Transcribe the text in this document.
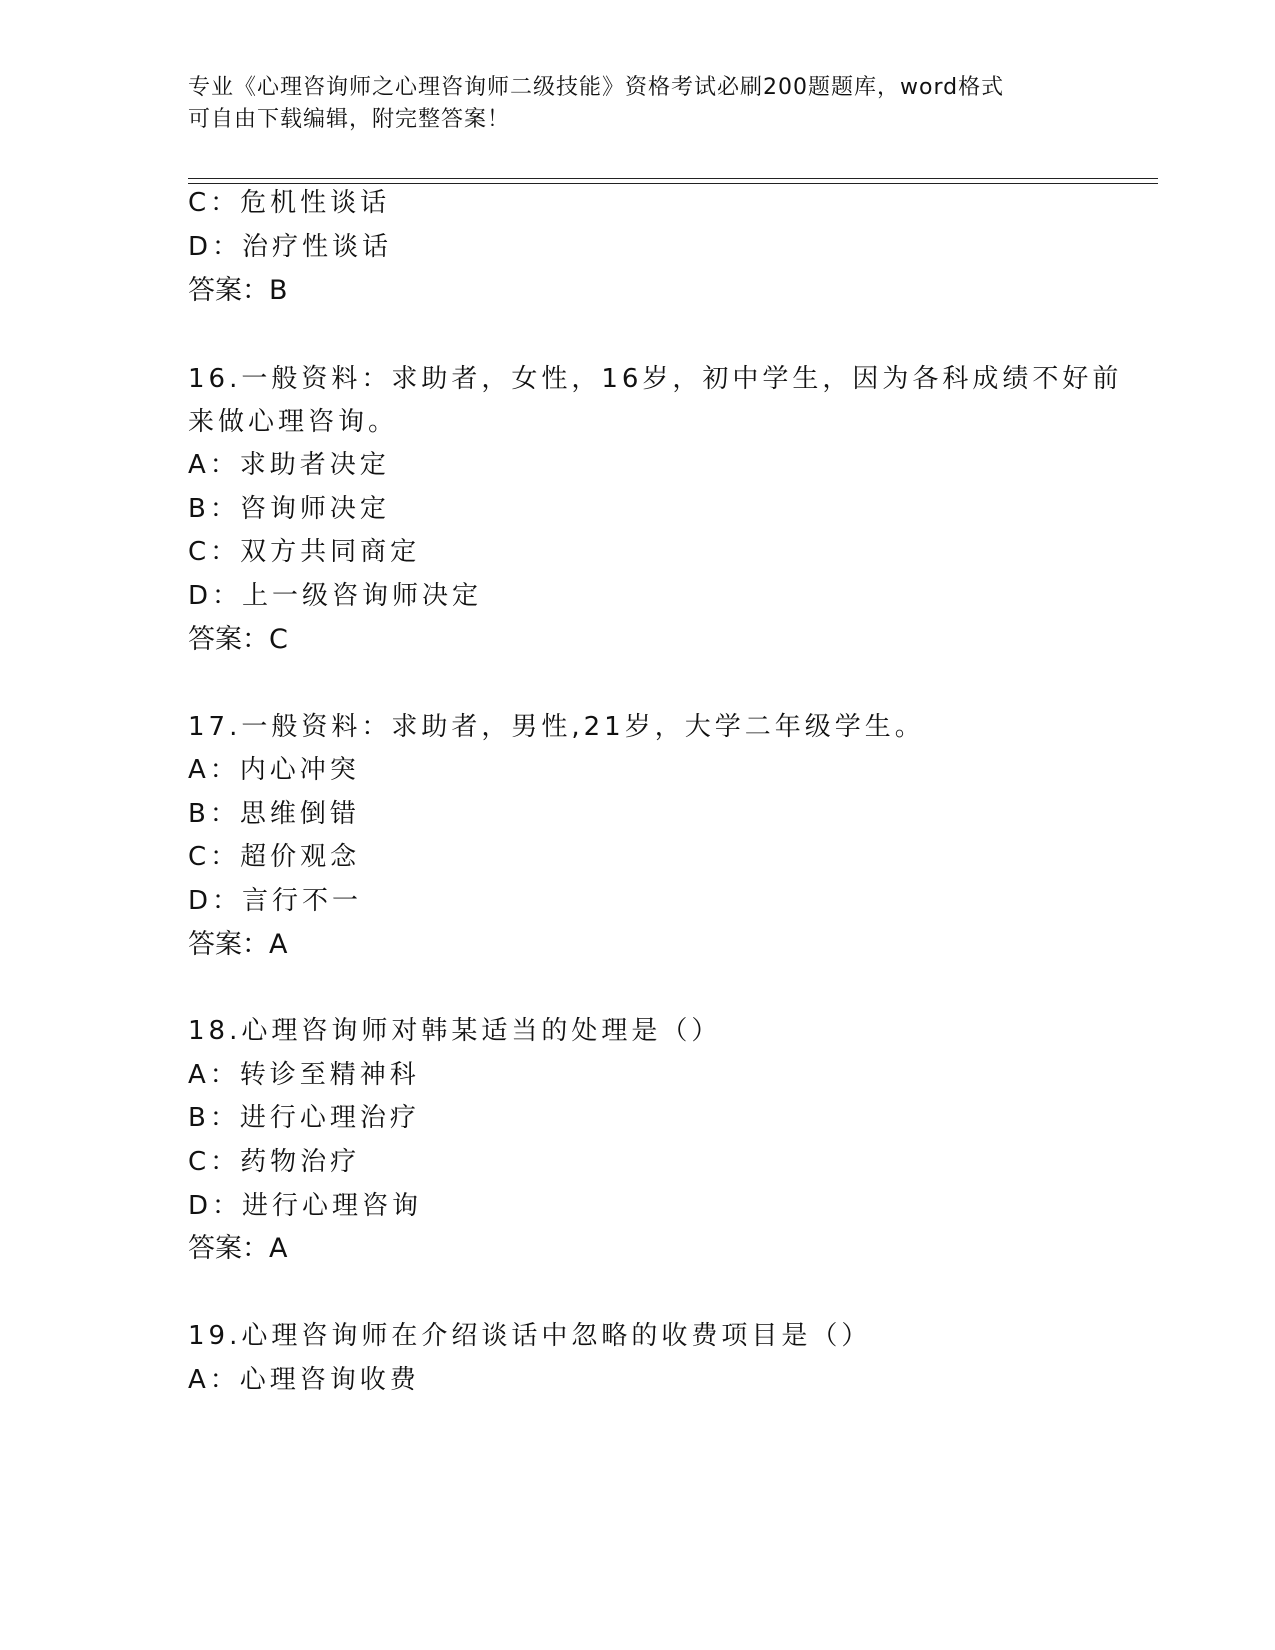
专业《心理咨询师之心理咨询师二级技能》资格考试必刷200题题库，word格式
可自由下载编辑，附完整答案！
C：危机性谈话
D：治疗性谈话
答案：B
16.一般资料：求助者，女性，16岁，初中学生，因为各科成绩不好前
来做心理咨询。
A：求助者决定
B：咨询师决定
C：双方共同商定
D：上一级咨询师决定
答案：C
17.一般资料：求助者，男性,21岁，大学二年级学生。
A：内心冲突
B：思维倒错
C：超价观念
D：言行不一
答案：A
18.心理咨询师对韩某适当的处理是（）
A：转诊至精神科
B：进行心理治疗
C：药物治疗
D：进行心理咨询
答案：A
19.心理咨询师在介绍谈话中忽略的收费项目是（）
A：心理咨询收费
